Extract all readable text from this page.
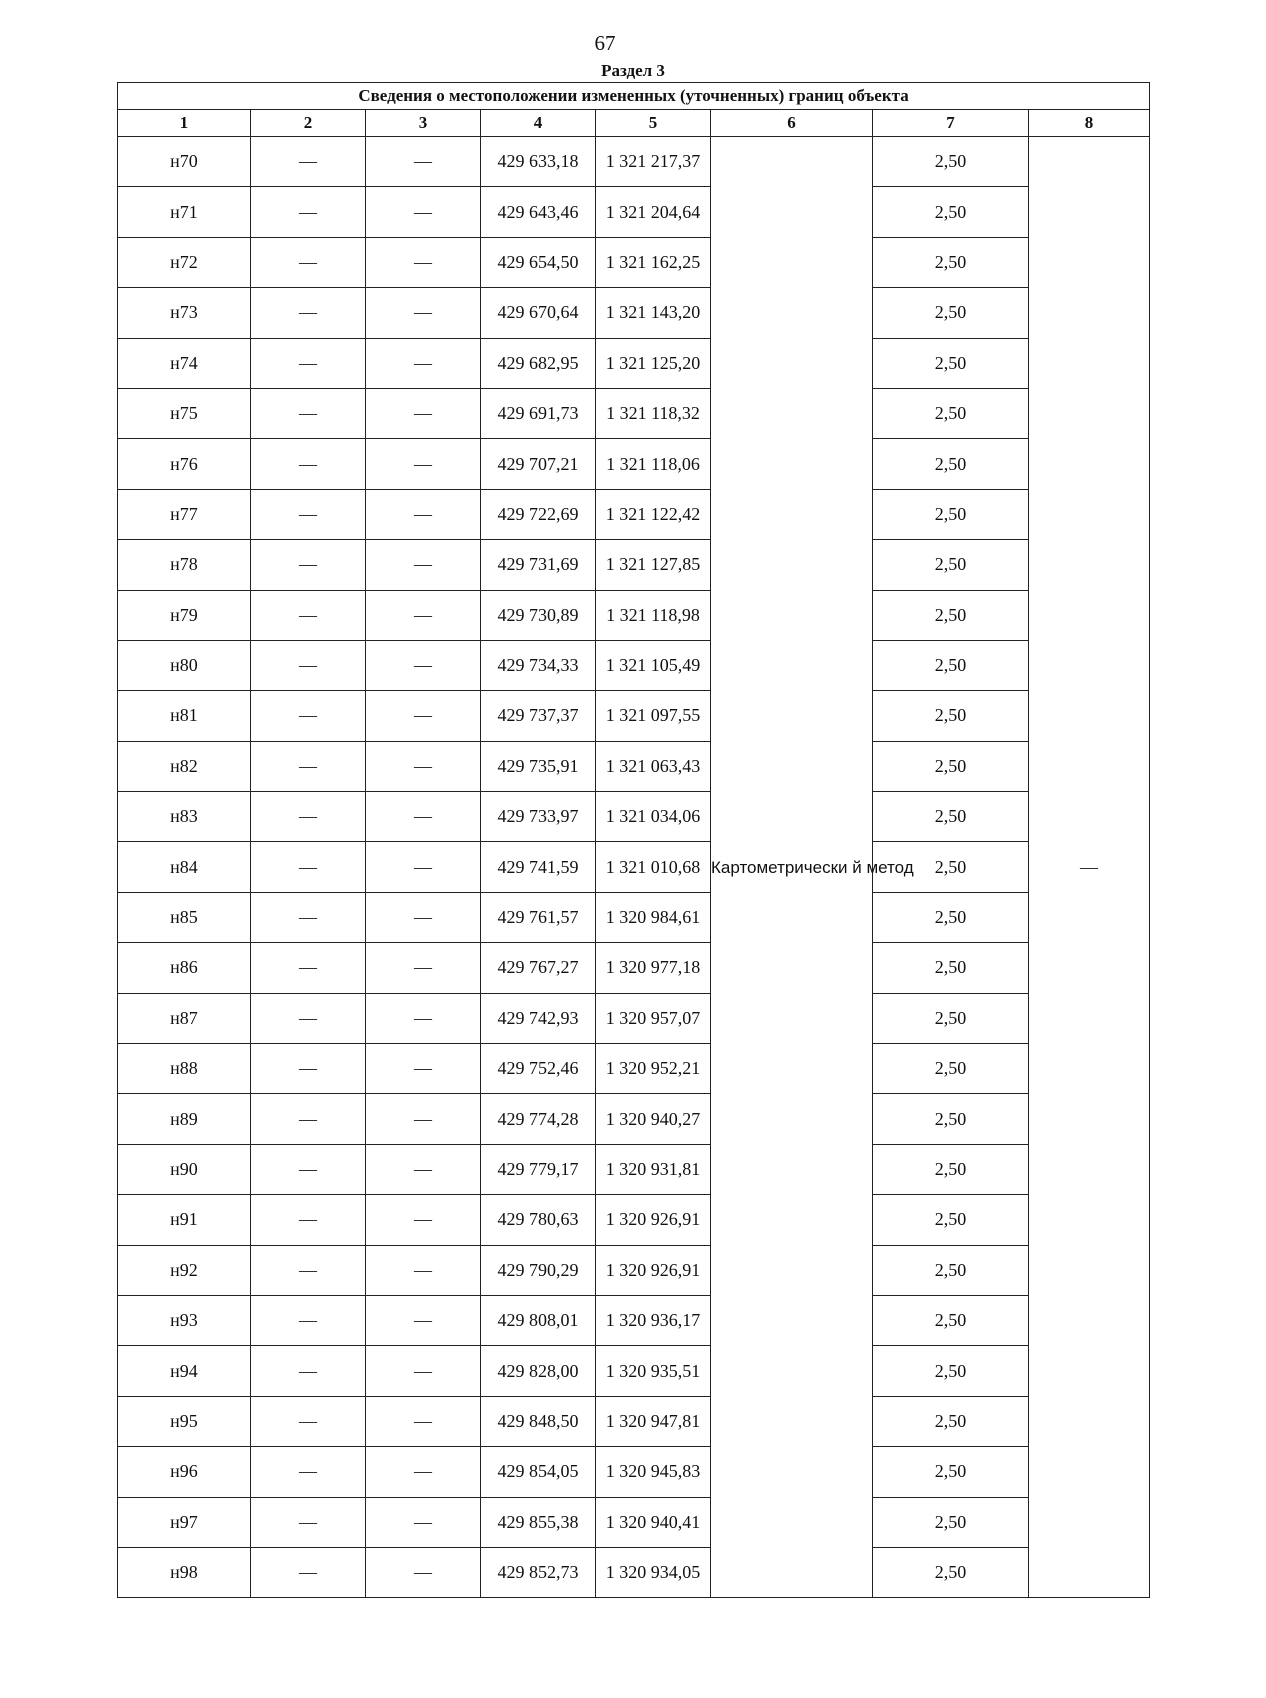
67
Раздел 3
Сведения о местоположении измененных (уточненных) границ объекта							
1	2	3	4	5	6	7	8
н70	—	—	429 633,18	1 321 217,37	Картометрически й метод	2,50	—
н71	—	—	429 643,46	1 321 204,64		2,50	
н72	—	—	429 654,50	1 321 162,25		2,50	
н73	—	—	429 670,64	1 321 143,20		2,50	
н74	—	—	429 682,95	1 321 125,20		2,50	
н75	—	—	429 691,73	1 321 118,32		2,50	
н76	—	—	429 707,21	1 321 118,06		2,50	
н77	—	—	429 722,69	1 321 122,42		2,50	
н78	—	—	429 731,69	1 321 127,85		2,50	
н79	—	—	429 730,89	1 321 118,98		2,50	
н80	—	—	429 734,33	1 321 105,49		2,50	
н81	—	—	429 737,37	1 321 097,55		2,50	
н82	—	—	429 735,91	1 321 063,43		2,50	
н83	—	—	429 733,97	1 321 034,06		2,50	
н84	—	—	429 741,59	1 321 010,68		2,50	
н85	—	—	429 761,57	1 320 984,61		2,50	
н86	—	—	429 767,27	1 320 977,18		2,50	
н87	—	—	429 742,93	1 320 957,07		2,50	
н88	—	—	429 752,46	1 320 952,21		2,50	
н89	—	—	429 774,28	1 320 940,27		2,50	
н90	—	—	429 779,17	1 320 931,81		2,50	
н91	—	—	429 780,63	1 320 926,91		2,50	
н92	—	—	429 790,29	1 320 926,91		2,50	
н93	—	—	429 808,01	1 320 936,17		2,50	
н94	—	—	429 828,00	1 320 935,51		2,50	
н95	—	—	429 848,50	1 320 947,81		2,50	
н96	—	—	429 854,05	1 320 945,83		2,50	
н97	—	—	429 855,38	1 320 940,41		2,50	
н98	—	—	429 852,73	1 320 934,05		2,50	
